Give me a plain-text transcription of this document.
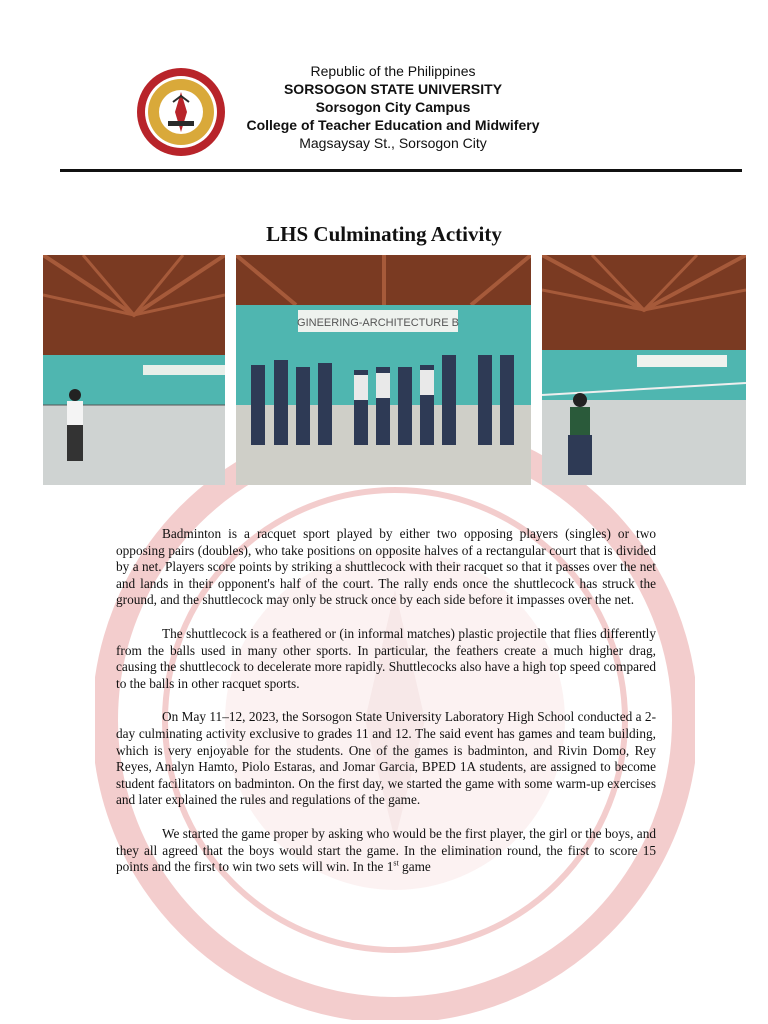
Republic of the Philippines
SORSOGON STATE UNIVERSITY
Sorsogon City Campus
College of Teacher Education and Midwifery
Magsaysay St., Sorsogon City
LHS Culminating Activity
GINEERING-ARCHITECTURE B

Badminton is a racquet sport played by either two opposing players (singles) or two opposing pairs (doubles), who take positions on opposite halves of a rectangular court that is divided by a net. Players score points by striking a shuttlecock with their racquet so that it passes over the net and lands in their opponent's half of the court. The rally ends once the shuttlecock has struck the ground, and the shuttlecock may only be struck once by each side before it impasses over the net.

The shuttlecock is a feathered or (in informal matches) plastic projectile that flies differently from the balls used in many other sports. In particular, the feathers create a much higher drag, causing the shuttlecock to decelerate more rapidly. Shuttlecocks also have a high top speed compared to the balls in other racquet sports.

On May 11–12, 2023, the Sorsogon State University Laboratory High School conducted a 2-day culminating activity exclusive to grades 11 and 12. The said event has games and team building, which is very enjoyable for the students. One of the games is badminton, and Rivin Domo, Rey Reyes, Analyn Hamto, Piolo Estaras, and Jomar Garcia, BPED 1A students, are assigned to become student facilitators on badminton. On the first day, we started the game with some warm-up exercises and later explained the rules and regulations of the game.

We started the game proper by asking who would be the first player, the girl or the boys, and they all agreed that the boys would start the game. In the elimination round, the first to score 15 points and the first to win two sets will win. In the 1st game
